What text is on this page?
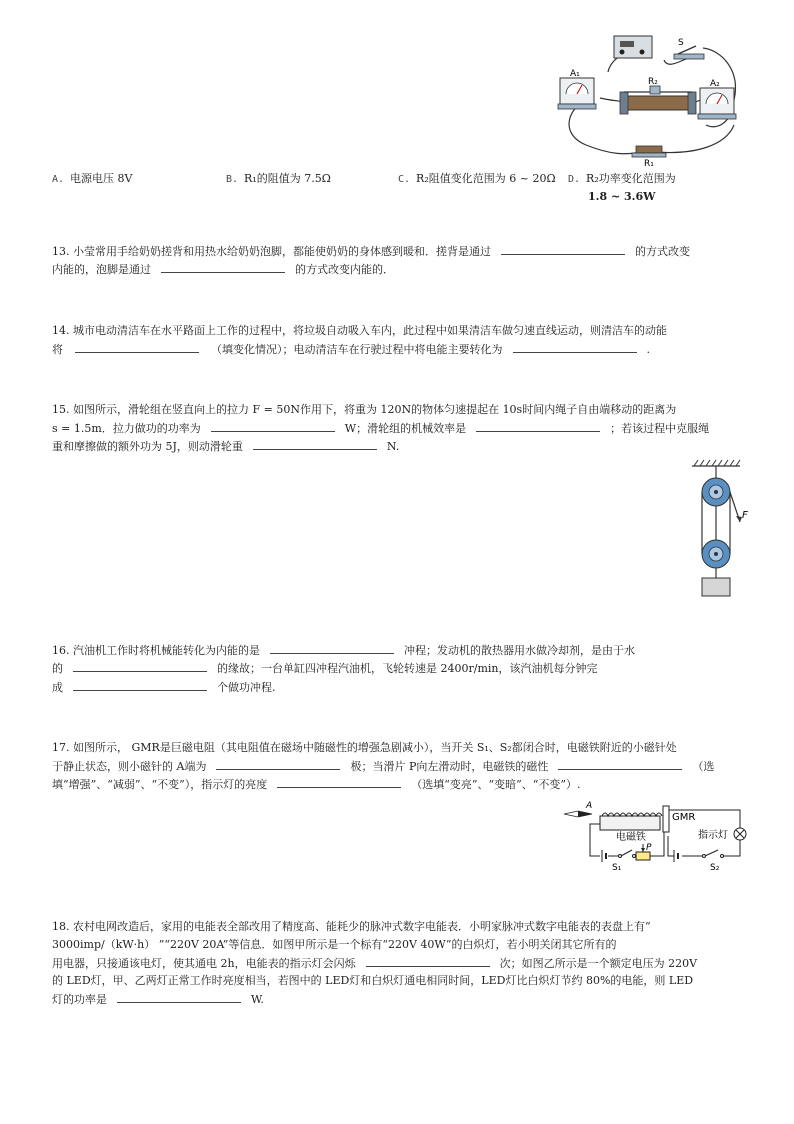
S
A₁
R₂	A₂
R₁
A. 电源电压 8V	B. R₁的阻值为 7.5Ω	C. R₂阻值变化范围为 6 ~ 20Ω D. R₂功率变化范围为
1.8 ~ 3.6W
13. 小莹常用手给奶奶搓背和用热水给奶奶泡脚，都能使奶奶的身体感到暖和．搓背是通过	的方式改变
内能的，泡脚是通过	的方式改变内能的．
14. 城市电动清洁车在水平路面上工作的过程中，将垃圾自动吸入车内，此过程中如果清洁车做匀速直线运动，则清洁车的动能
将	（填变化情况）；电动清洁车在行驶过程中将电能主要转化为	.
15. 如图所示，滑轮组在竖直向上的拉力 F = 50N作用下，将重为 120N的物体匀速提起在 10s时间内绳子自由端移动的距离为
s = 1.5m．拉力做功的功率为	W；滑轮组的机械效率是	；若该过程中克服绳
重和摩擦做的额外功为 5J，则动滑轮重	N.
F
16. 汽油机工作时将机械能转化为内能的是	冲程；发动机的散热器用水做冷却剂，是由于水
的	的缘故；一台单缸四冲程汽油机，飞轮转速是 2400r/min，该汽油机每分钟完
成	个做功冲程.
17. 如图所示， GMR是巨磁电阻（其电阻值在磁场中随磁性的增强急剧减小），当开关 S₁、S₂都闭合时，电磁铁附近的小磁针处
于静止状态，则小磁针的 A端为	极；当滑片 P向左滑动时，电磁铁的磁性	（选
填“增强”、“减弱”、“不变”），指示灯的亮度	（选填“变亮”、“变暗”、“不变”）.
A
电磁铁
GMR
指示灯
S₁
P
S₂
18. 农村电网改造后，家用的电能表全部改用了精度高、能耗少的脉冲式数字电能表．小明家脉冲式数字电能表的表盘上有“
3000imp/（kW·h） ”“220V 20A”等信息．如图甲所示是一个标有“220V 40W”的白炽灯，若小明关闭其它所有的
用电器，只接通该电灯，使其通电 2h，电能表的指示灯会闪烁	次；如图乙所示是一个额定电压为 220V
的 LED灯，甲、乙两灯正常工作时亮度相当，若图中的 LED灯和白炽灯通电相同时间，LED灯比白炽灯节约 80%的电能，则 LED
灯的功率是	W.
